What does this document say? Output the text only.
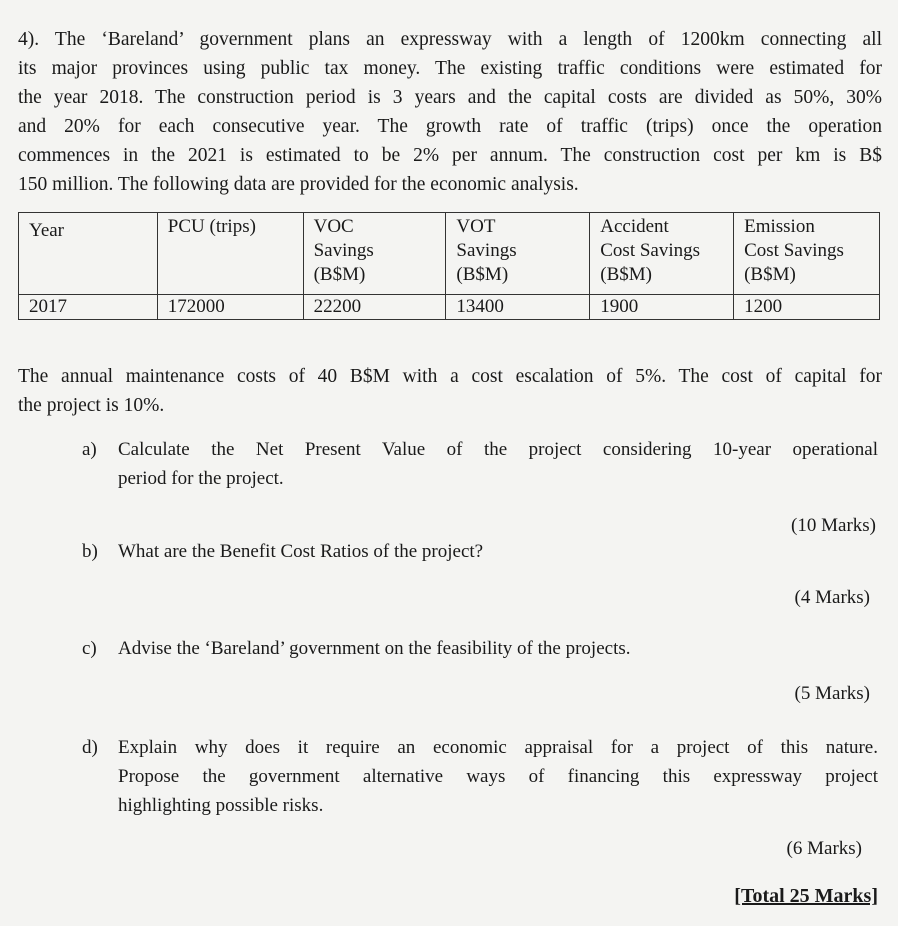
4). The ‘Bareland’ government plans an expressway with a length of 1200km connecting all
its major provinces using public tax money. The existing traffic conditions were estimated for
the year 2018. The construction period is 3 years and the capital costs are divided as 50%, 30%
and 20% for each consecutive year. The growth rate of traffic (trips) once the operation
commences in the 2021 is estimated to be 2% per annum. The construction cost per km is B$
150 million. The following data are provided for the economic analysis.
Year	PCU (trips)	VOC
Savings
(B$M)	VOT
Savings
(B$M)	Accident
Cost Savings
(B$M)	Emission
Cost Savings
(B$M)
2017	172000	22200	13400	1900	1200
The annual maintenance costs of 40 B$M with a cost escalation of 5%. The cost of capital for
the project is 10%.
a) Calculate the Net Present Value of the project considering 10-year operational
period for the project.
(10 Marks)
b) What are the Benefit Cost Ratios of the project?
(4 Marks)
c) Advise the ‘Bareland’ government on the feasibility of the projects.
(5 Marks)
d) Explain why does it require an economic appraisal for a project of this nature.
Propose the government alternative ways of financing this expressway project
highlighting possible risks.
(6 Marks)
[Total 25 Marks]
